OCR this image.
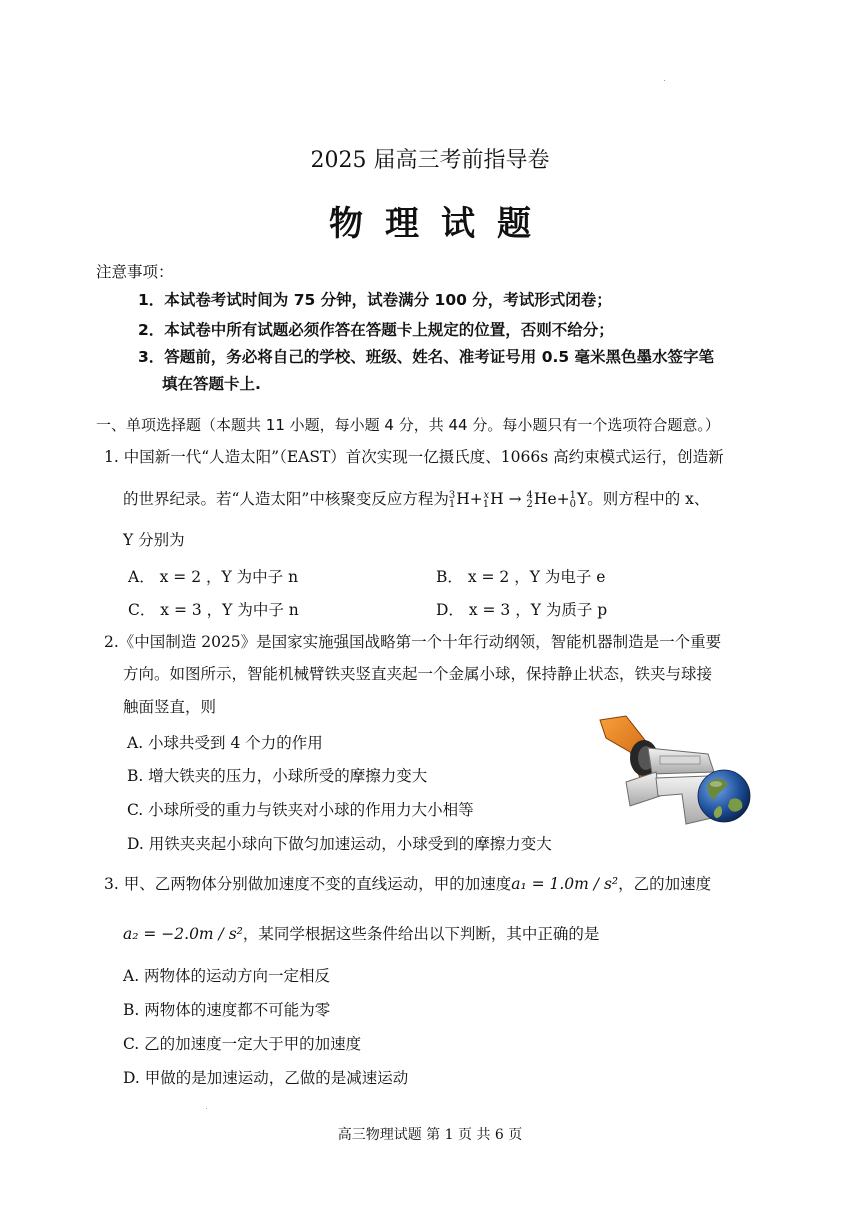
2025 届高三考前指导卷
物理试题
注意事项：
1．本试卷考试时间为 75 分钟，试卷满分 100 分，考试形式闭卷；
2．本试卷中所有试题必须作答在答题卡上规定的位置，否则不给分；
3．答题前，务必将自己的学校、班级、姓名、准考证号用 0.5 毫米黑色墨水签字笔
填在答题卡上.
一、单项选择题（本题共 11 小题，每小题 4 分，共 44 分。每小题只有一个选项符合题意。）
1. 中国新一代“人造太阳”（EAST）首次实现一亿摄氏度、1066s 高约束模式运行，创造新
的世界纪录。若“人造太阳”中核聚变反应方程为 3
1 H+ x
1 H → 4
2 He+ 1
0 Y。则方程中的 x、
Y 分别为
A． x = 2 ，Y 为中子 n	B． x = 2 ，Y 为电子 e
C． x = 3 ，Y 为中子 n	D． x = 3 ，Y 为质子 p
2.《中国制造 2025》是国家实施强国战略第一个十年行动纲领，智能机器制造是一个重要
方向。如图所示，智能机械臂铁夹竖直夹起一个金属小球，保持静止状态，铁夹与球接
触面竖直，则
A. 小球共受到 4 个力的作用
B. 增大铁夹的压力，小球所受的摩擦力变大
C. 小球所受的重力与铁夹对小球的作用力大小相等
D. 用铁夹夹起小球向下做匀加速运动，小球受到的摩擦力变大
3. 甲、乙两物体分别做加速度不变的直线运动，甲的加速度a₁ = 1.0m / s²，乙的加速度
a₂ = −2.0m / s²，某同学根据这些条件给出以下判断，其中正确的是
A. 两物体的运动方向一定相反
B. 两物体的速度都不可能为零
C. 乙的加速度一定大于甲的加速度
D. 甲做的是加速运动，乙做的是减速运动
高三物理试题 第 1 页 共 6 页
